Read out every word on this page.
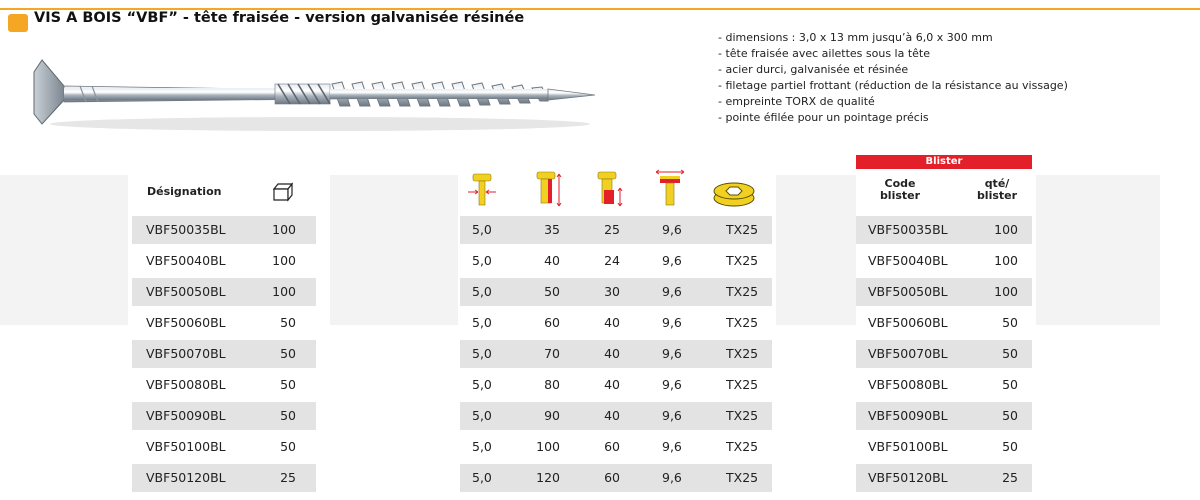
VIS A BOIS “VBF” - tête fraisée - version galvanisée résinée
- dimensions : 3,0 x 13 mm jusqu’à 6,0 x 300 mm
- tête fraisée avec ailettes sous la tête
- acier durci, galvanisée et résinée
- filetage partiel frottant (réduction de la résistance au vissage)
- empreinte TORX de qualité
- pointe éfilée pour un pointage précis
Désignation
Blister
Code
blister
qté/
blister
VBF50035BL	100
VBF50040BL	100
VBF50050BL	100
VBF50060BL	50
VBF50070BL	50
VBF50080BL	50
VBF50090BL	50
VBF50100BL	50
VBF50120BL	25
5,0	35	25	9,6	TX25
5,0	40	24	9,6	TX25
5,0	50	30	9,6	TX25
5,0	60	40	9,6	TX25
5,0	70	40	9,6	TX25
5,0	80	40	9,6	TX25
5,0	90	40	9,6	TX25
5,0	100	60	9,6	TX25
5,0	120	60	9,6	TX25
VBF50035BL	100
VBF50040BL	100
VBF50050BL	100
VBF50060BL	50
VBF50070BL	50
VBF50080BL	50
VBF50090BL	50
VBF50100BL	50
VBF50120BL	25
